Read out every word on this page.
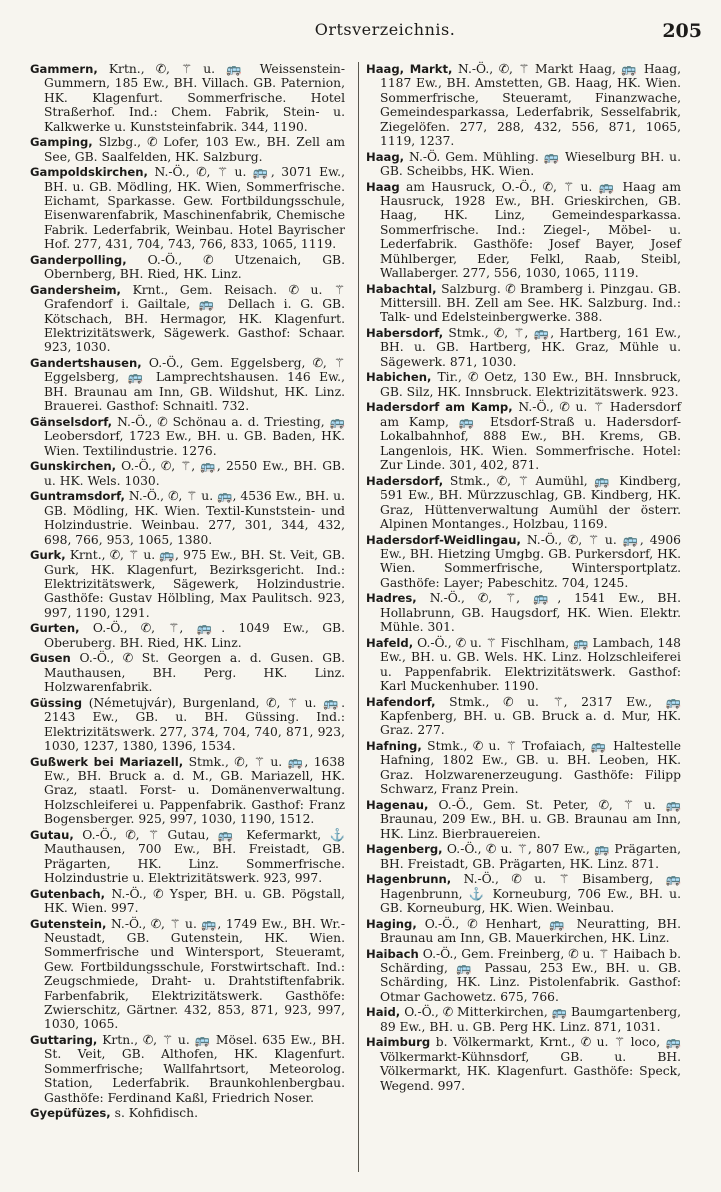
Ortsverzeichnis.	205

Gammern, Krtn., ✆, ⚚ u. 🚌 Weissenstein-Gummern, 185 Ew., BH. Villach. GB. Paternion, HK. Klagenfurt. Sommerfrische. Hotel Straßerhof. Ind.: Chem. Fabrik, Stein- u. Kalkwerke u. Kunststeinfabrik. 344, 1190.

Gamping, Slzbg., ✆ Lofer, 103 Ew., BH. Zell am See, GB. Saalfelden, HK. Salzburg.

Gampoldskirchen, N.-Ö., ✆, ⚚ u. 🚌, 3071 Ew., BH. u. GB. Mödling, HK. Wien, Sommerfrische. Eichamt, Sparkasse. Gew. Fortbildungsschule, Eisenwarenfabrik, Maschinenfabrik, Chemische Fabrik. Lederfabrik, Weinbau. Hotel Bayrischer Hof. 277, 431, 704, 743, 766, 833, 1065, 1119.

Ganderpolling, O.-Ö., ✆ Utzenaich, GB. Obernberg, BH. Ried, HK. Linz.

Gandersheim, Krnt., Gem. Reisach. ✆ u. ⚚ Grafendorf i. Gailtale, 🚌 Dellach i. G. GB. Kötschach, BH. Hermagor, HK. Klagenfurt. Elektrizitätswerk, Sägewerk. Gasthof: Schaar. 923, 1030.

Gandertshausen, O.-Ö., Gem. Eggelsberg, ✆, ⚚ Eggelsberg, 🚌 Lamprechtshausen. 146 Ew., BH. Braunau am Inn, GB. Wildshut, HK. Linz. Brauerei. Gasthof: Schnaitl. 732.

Gänselsdorf, N.-Ö., ✆ Schönau a. d. Triesting, 🚌 Leobersdorf, 1723 Ew., BH. u. GB. Baden, HK. Wien. Textilindustrie. 1276.

Gunskirchen, O.-Ö., ✆, ⚚, 🚌, 2550 Ew., BH. GB. u. HK. Wels. 1030.

Guntramsdorf, N.-Ö., ✆, ⚚ u. 🚌, 4536 Ew., BH. u. GB. Mödling, HK. Wien. Textil-Kunststein- und Holzindustrie. Weinbau. 277, 301, 344, 432, 698, 766, 953, 1065, 1380.

Gurk, Krnt., ✆, ⚚ u. 🚌, 975 Ew., BH. St. Veit, GB. Gurk, HK. Klagenfurt, Bezirksgericht. Ind.: Elektrizitätswerk, Sägewerk, Holzindustrie. Gasthöfe: Gustav Hölbling, Max Paulitsch. 923, 997, 1190, 1291.

Gurten, O.-Ö., ✆, ⚚, 🚌. 1049 Ew., GB. Oberuberg. BH. Ried, HK. Linz.

Gusen O.-Ö., ✆ St. Georgen a. d. Gusen. GB. Mauthausen, BH. Perg. HK. Linz. Holzwarenfabrik.

Güssing (Németujvár), Burgenland, ✆, ⚚ u. 🚌. 2143 Ew., GB. u. BH. Güssing. Ind.: Elektrizitätswerk. 277, 374, 704, 740, 871, 923, 1030, 1237, 1380, 1396, 1534.

Gußwerk bei Mariazell, Stmk., ✆, ⚚ u. 🚌, 1638 Ew., BH. Bruck a. d. M., GB. Mariazell, HK. Graz, staatl. Forst- u. Domänenverwaltung. Holzschleiferei u. Pappenfabrik. Gasthof: Franz Bogensberger. 925, 997, 1030, 1190, 1512.

Gutau, O.-Ö., ✆, ⚚ Gutau, 🚌 Kefermarkt, ⚓ Mauthausen, 700 Ew., BH. Freistadt, GB. Prägarten, HK. Linz. Sommerfrische. Holzindustrie u. Elektrizitätswerk. 923, 997.

Gutenbach, N.-Ö., ✆ Ysper, BH. u. GB. Pögstall, HK. Wien. 997.

Gutenstein, N.-Ö., ✆, ⚚ u. 🚌, 1749 Ew., BH. Wr.-Neustadt, GB. Gutenstein, HK. Wien. Sommerfrische und Wintersport, Steueramt, Gew. Fortbildungsschule, Forstwirtschaft. Ind.: Zeugschmiede, Draht- u. Drahtstiftenfabrik. Farbenfabrik, Elektrizitätswerk. Gasthöfe: Zwierschitz, Gärtner. 432, 853, 871, 923, 997, 1030, 1065.

Guttaring, Krtn., ✆, ⚚ u. 🚌 Mösel. 635 Ew., BH. St. Veit, GB. Althofen, HK. Klagenfurt. Sommerfrische; Wallfahrtsort, Meteorolog. Station, Lederfabrik. Braunkohlenbergbau. Gasthöfe: Ferdinand Kaßl, Friedrich Noser.

Gyepüfüzes, s. Kohfidisch.

Haag, Markt, N.-Ö., ✆, ⚚ Markt Haag, 🚌 Haag, 1187 Ew., BH. Amstetten, GB. Haag, HK. Wien. Sommerfrische, Steueramt, Finanzwache, Gemeindesparkassa, Lederfabrik, Sesselfabrik, Ziegelöfen. 277, 288, 432, 556, 871, 1065, 1119, 1237.

Haag, N.-Ö. Gem. Mühling. 🚌 Wieselburg BH. u. GB. Scheibbs, HK. Wien.

Haag am Hausruck, O.-Ö., ✆, ⚚ u. 🚌 Haag am Hausruck, 1928 Ew., BH. Grieskirchen, GB. Haag, HK. Linz, Gemeindesparkassa. Sommerfrische. Ind.: Ziegel-, Möbel- u. Lederfabrik. Gasthöfe: Josef Bayer, Josef Mühlberger, Eder, Felkl, Raab, Steibl, Wallaberger. 277, 556, 1030, 1065, 1119.

Habachtal, Salzburg. ✆ Bramberg i. Pinzgau. GB. Mittersill. BH. Zell am See. HK. Salzburg. Ind.: Talk- und Edelsteinbergwerke. 388.

Habersdorf, Stmk., ✆, ⚚, 🚌, Hartberg, 161 Ew., BH. u. GB. Hartberg, HK. Graz, Mühle u. Sägewerk. 871, 1030.

Habichen, Tir., ✆ Oetz, 130 Ew., BH. Innsbruck, GB. Silz, HK. Innsbruck. Elektrizitätswerk. 923.

Hadersdorf am Kamp, N.-Ö., ✆ u. ⚚ Hadersdorf am Kamp, 🚌 Etsdorf-Straß u. Hadersdorf-Lokalbahnhof, 888 Ew., BH. Krems, GB. Langenlois, HK. Wien. Sommerfrische. Hotel: Zur Linde. 301, 402, 871.

Hadersdorf, Stmk., ✆, ⚚ Aumühl, 🚌 Kindberg, 591 Ew., BH. Mürzzuschlag, GB. Kindberg, HK. Graz, Hüttenverwaltung Aumühl der österr. Alpinen Montanges., Holzbau, 1169.

Hadersdorf-Weidlingau, N.-Ö., ✆, ⚚ u. 🚌, 4906 Ew., BH. Hietzing Umgbg. GB. Purkersdorf, HK. Wien. Sommerfrische, Wintersportplatz. Gasthöfe: Layer; Pabeschitz. 704, 1245.

Hadres, N.-Ö., ✆, ⚚, 🚌, 1541 Ew., BH. Hollabrunn, GB. Haugsdorf, HK. Wien. Elektr. Mühle. 301.

Hafeld, O.-Ö., ✆ u. ⚚ Fischlham, 🚌 Lambach, 148 Ew., BH. u. GB. Wels. HK. Linz. Holzschleiferei u. Pappenfabrik. Elektrizitätswerk. Gasthof: Karl Muckenhuber. 1190.

Hafendorf, Stmk., ✆ u. ⚚, 2317 Ew., 🚌 Kapfenberg, BH. u. GB. Bruck a. d. Mur, HK. Graz. 277.

Hafning, Stmk., ✆ u. ⚚ Trofaiach, 🚌 Haltestelle Hafning, 1802 Ew., GB. u. BH. Leoben, HK. Graz. Holzwarenerzeugung. Gasthöfe: Filipp Schwarz, Franz Prein.

Hagenau, O.-Ö., Gem. St. Peter, ✆, ⚚ u. 🚌 Braunau, 209 Ew., BH. u. GB. Braunau am Inn, HK. Linz. Bierbrauereien.

Hagenberg, O.-Ö., ✆ u. ⚚, 807 Ew., 🚌 Prägarten, BH. Freistadt, GB. Prägarten, HK. Linz. 871.

Hagenbrunn, N.-Ö., ✆ u. ⚚ Bisamberg, 🚌 Hagenbrunn, ⚓ Korneuburg, 706 Ew., BH. u. GB. Korneuburg, HK. Wien. Weinbau.

Haging, O.-Ö., ✆ Henhart, 🚌 Neuratting, BH. Braunau am Inn, GB. Mauerkirchen, HK. Linz.

Haibach O.-Ö., Gem. Freinberg, ✆ u. ⚚ Haibach b. Schärding, 🚌 Passau, 253 Ew., BH. u. GB. Schärding, HK. Linz. Pistolenfabrik. Gasthof: Otmar Gachowetz. 675, 766.

Haid, O.-Ö., ✆ Mitterkirchen, 🚌 Baumgartenberg, 89 Ew., BH. u. GB. Perg HK. Linz. 871, 1031.

Haimburg b. Völkermarkt, Krnt., ✆ u. ⚚ loco, 🚌 Völkermarkt-Kühnsdorf, GB. u. BH. Völkermarkt, HK. Klagenfurt. Gasthöfe: Speck, Wegend. 997.
